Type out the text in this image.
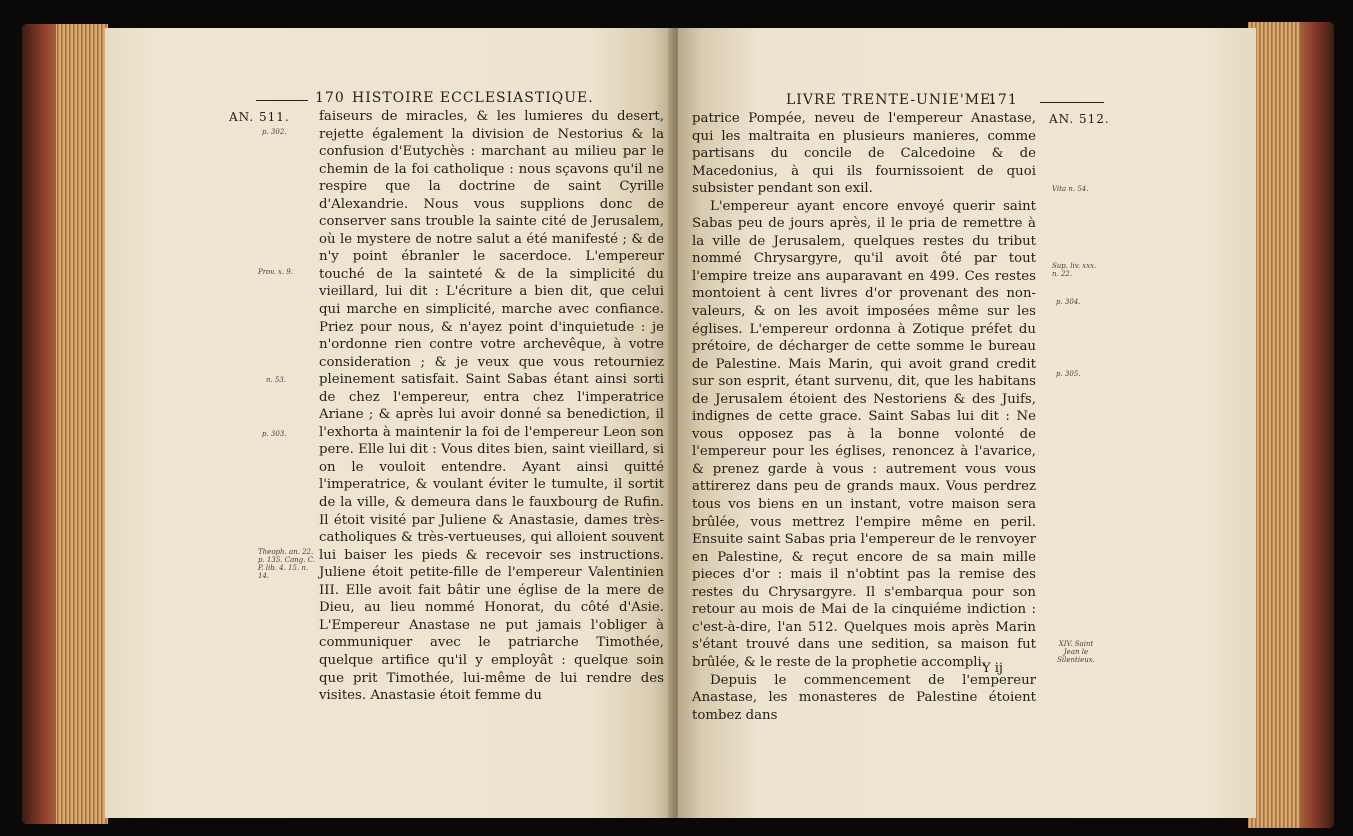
170 HISTOIRE ECCLESIASTIQUE.
AN. 511.
p. 302.
Prov. x. 9.
n. 53.
p. 303.
Theoph. an. 22. p. 135. Cang. C. P. lib. 4. 15. n. 14.

faiseurs de miracles, & les lumieres du desert, rejette également la division de Nestorius & la confusion d'Eutychès : marchant au milieu par le chemin de la foi catholique : nous sçavons qu'il ne respire que la doctrine de saint Cyrille d'Alexandrie. Nous vous supplions donc de conserver sans trouble la sainte cité de Jerusalem, où le mystere de notre salut a été manifesté ; & de n'y point ébranler le sacerdoce. L'empereur touché de la sainteté & de la simplicité du vieillard, lui dit : L'écriture a bien dit, que celui qui marche en simplicité, marche avec confiance. Priez pour nous, & n'ayez point d'inquietude : je n'ordonne rien contre votre archevêque, à votre consideration ; & je veux que vous retourniez pleinement satisfait. Saint Sabas étant ainsi sorti de chez l'empereur, entra chez l'imperatrice Ariane ; & après lui avoir donné sa benediction, il l'exhorta à maintenir la foi de l'empereur Leon son pere. Elle lui dit : Vous dites bien, saint vieillard, si on le vouloit entendre. Ayant ainsi quitté l'imperatrice, & voulant éviter le tumulte, il sortit de la ville, & demeura dans le fauxbourg de Rufin. Il étoit visité par Juliene & Anastasie, dames très-catholiques & très-vertueuses, qui alloient souvent lui baiser les pieds & recevoir ses instructions. Juliene étoit petite-fille de l'empereur Valentinien III. Elle avoit fait bâtir une église de la mere de Dieu, au lieu nommé Honorat, du côté d'Asie. L'Empereur Anastase ne put jamais l'obliger à communiquer avec le patriarche Timothée, quelque artifice qu'il y employât : quelque soin que prit Timothée, lui-même de lui rendre des visites. Anastasie étoit femme du

LIVRE TRENTE-UNIE'ME.
171
AN. 512.
Vita n. 54.
Sup. liv. xxx. n. 22.
p. 304.
p. 305.
XIV. Saint Jean le Silentieux.

patrice Pompée, neveu de l'empereur Anastase, qui les maltraita en plusieurs manieres, comme partisans du concile de Calcedoine & de Macedonius, à qui ils fournissoient de quoi subsister pendant son exil.

L'empereur ayant encore envoyé querir saint Sabas peu de jours après, il le pria de remettre à la ville de Jerusalem, quelques restes du tribut nommé Chrysargyre, qu'il avoit ôté par tout l'empire treize ans auparavant en 499. Ces restes montoient à cent livres d'or provenant des non-valeurs, & on les avoit imposées même sur les églises. L'empereur ordonna à Zotique préfet du prétoire, de décharger de cette somme le bureau de Palestine. Mais Marin, qui avoit grand credit sur son esprit, étant survenu, dit, que les habitans de Jerusalem étoient des Nestoriens & des Juifs, indignes de cette grace. Saint Sabas lui dit : Ne vous opposez pas à la bonne volonté de l'empereur pour les églises, renoncez à l'avarice, & prenez garde à vous : autrement vous vous attirerez dans peu de grands maux. Vous perdrez tous vos biens en un instant, votre maison sera brûlée, vous mettrez l'empire même en peril. Ensuite saint Sabas pria l'empereur de le renvoyer en Palestine, & reçut encore de sa main mille pieces d'or : mais il n'obtint pas la remise des restes du Chrysargyre. Il s'embarqua pour son retour au mois de Mai de la cinquiéme indiction : c'est-à-dire, l'an 512. Quelques mois après Marin s'étant trouvé dans une sedition, sa maison fut brûlée, & le reste de la prophetie accompli.

Depuis le commencement de l'empereur Anastase, les monasteres de Palestine étoient tombez dans

Y ij
